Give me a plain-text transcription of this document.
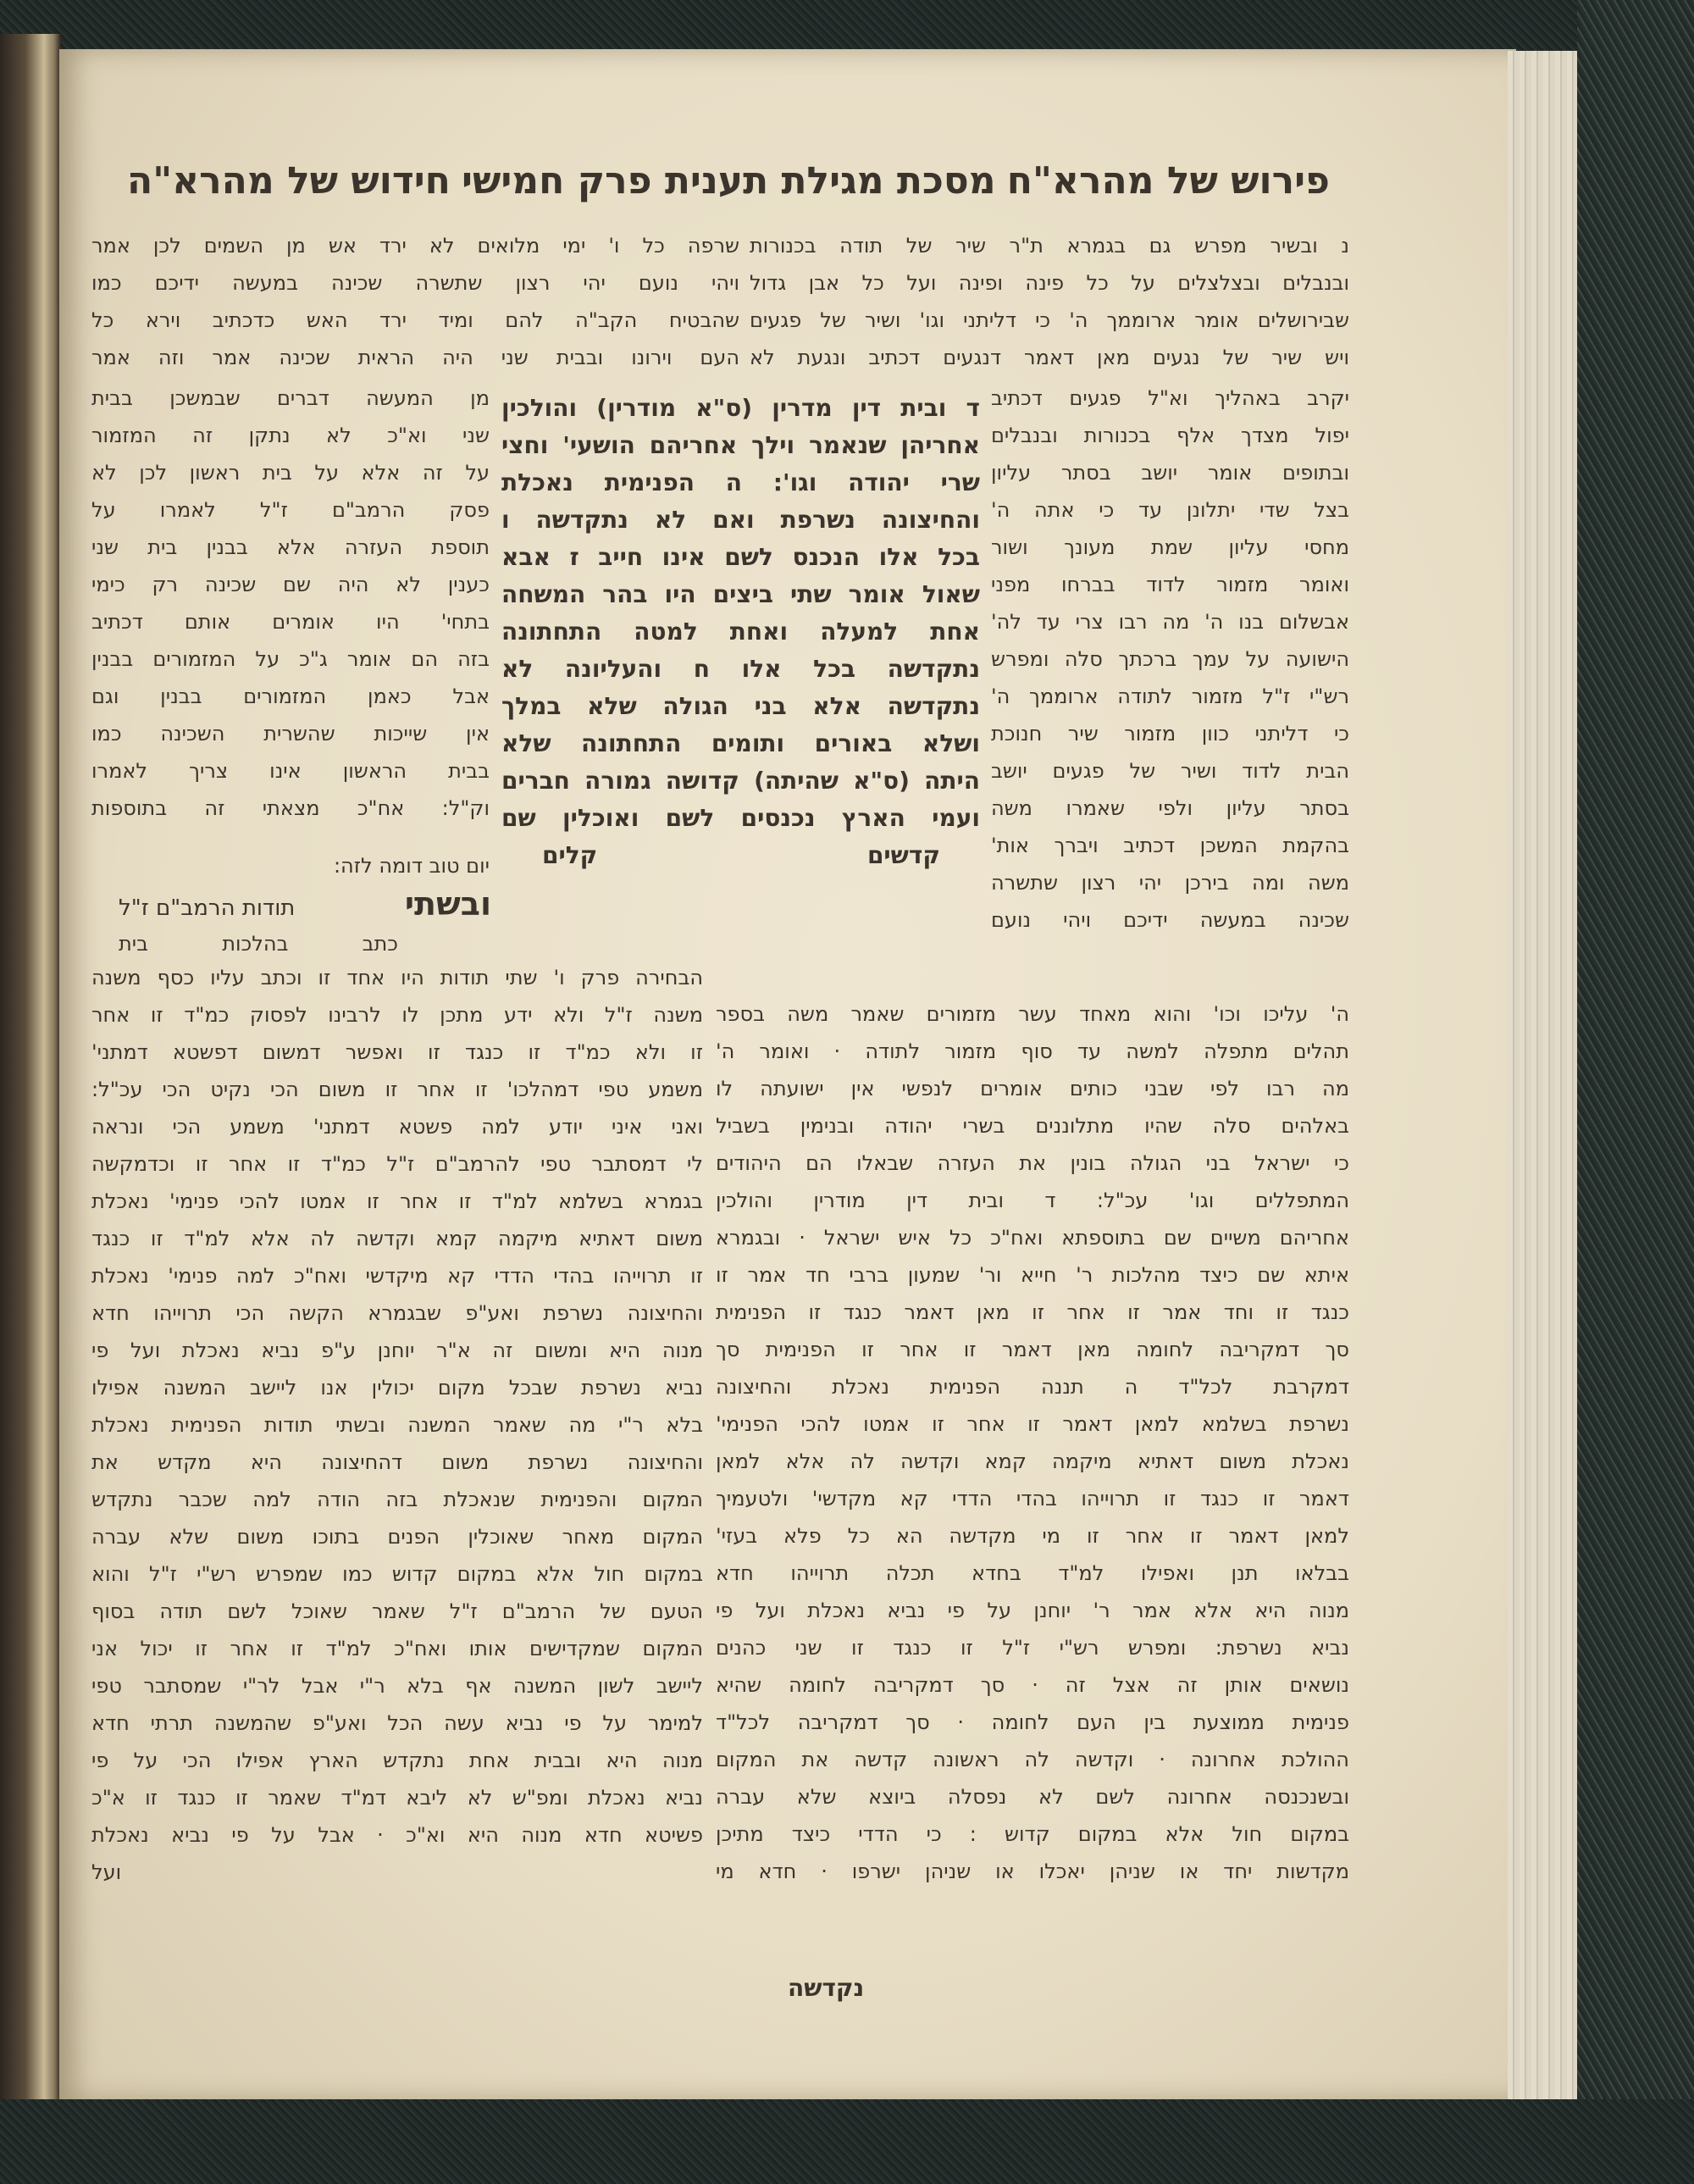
פירוש של מהרא"ח
מסכת מגילת תענית פרק חמישי
חידוש של מהרא"ה
נ ובשיר מפרש גם בגמרא ת"ר שיר של תודה בכנורות
ובנבלים ובצלצלים על כל פינה ופינה ועל כל אבן גדול
שבירושלים אומר ארוממך ה' כי דליתני וגו' ושיר של פגעים
ויש שיר של נגעים מאן דאמר דנגעים דכתיב ונגעת לא
שרפה כל ו' ימי מלואים לא ירד אש מן השמים לכן אמר
ויהי נועם יהי רצון שתשרה שכינה במעשה ידיכם כמו
שהבטיח הקב"ה להם ומיד ירד האש כדכתיב וירא כל
העם וירונו ובבית שני היה הראית שכינה אמר וזה אמר
יקרב באהליך וא"ל פגעים דכתיב
יפול מצדך אלף בכנורות ובנבלים
ובתופים אומר יושב בסתר עליון
בצל שדי יתלונן עד כי אתה ה'
מחסי עליון שמת מעונך ושור
ואומר מזמור לדוד בברחו מפני
אבשלום בנו ה' מה רבו צרי עד לה'
הישועה על עמך ברכתך סלה ומפרש
רש"י ז"ל מזמור לתודה ארוממך ה'
כי דליתני כוון מזמור שיר חנוכת
הבית לדוד ושיר של פגעים יושב
בסתר עליון ולפי שאמרו משה
בהקמת המשכן דכתיב ויברך אות'
משה ומה בירכן יהי רצון שתשרה
שכינה במעשה ידיכם ויהי נועם
ד ובית דין מדרין (ס"א מודרין) והולכין
אחריהן שנאמר וילך אחריהם הושעי' וחצי
שרי יהודה וגו': ה הפנימית נאכלת
והחיצונה נשרפת ואם לא נתקדשה ו
בכל אלו הנכנס לשם אינו חייב ז אבא
שאול אומר שתי ביצים היו בהר המשחה
אחת למעלה ואחת למטה התחתונה
נתקדשה בכל אלו ח והעליונה לא
נתקדשה אלא בני הגולה שלא במלך
ושלא באורים ותומים התחתונה שלא
היתה (ס"א שהיתה) קדושה גמורה חברים
ועמי הארץ נכנסים לשם ואוכלין שם
קדשים
קלים
מן המעשה דברים שבמשכן בבית
שני וא"כ לא נתקן זה המזמור
על זה אלא על בית ראשון לכן לא
פסק הרמב"ם ז"ל לאמרו על
תוספת העזרה אלא בבנין בית שני
כענין לא היה שם שכינה רק כימי
בתחי' היו אומרים אותם דכתיב
בזה הם אומר ג"כ על המזמורים בבנין
אבל כאמן המזמורים בבנין וגם
אין שייכות שהשרית השכינה כמו
בבית הראשון אינו צריך לאמרו
וק"ל: אח"כ מצאתי זה בתוספות
יום טוב דומה לזה:
ובשתי
תודות הרמב"ם ז"ל
כתב בהלכות בית
ה' עליכו וכו' והוא מאחד עשר מזמורים שאמר משה בספר
תהלים מתפלה למשה עד סוף מזמור לתודה · ואומר ה'
מה רבו לפי שבני כותים אומרים לנפשי אין ישועתה לו
באלהים סלה שהיו מתלוננים בשרי יהודה ובנימין בשביל
כי ישראל בני הגולה בונין את העזרה שבאלו הם היהודים
המתפללים וגו' עכ"ל: ד ובית דין מודרין והולכין
אחריהם משיים שם בתוספתא ואח"כ כל איש ישראל · ובגמרא
איתא שם כיצד מהלכות ר' חייא ור' שמעון ברבי חד אמר זו
כנגד זו וחד אמר זו אחר זו מאן דאמר כנגד זו הפנימית
סך דמקריבה לחומה מאן דאמר זו אחר זו הפנימית סך
דמקרבת לכל"ד ה תננה הפנימית נאכלת והחיצונה
נשרפת בשלמא למאן דאמר זו אחר זו אמטו להכי הפנימי'
נאכלת משום דאתיא מיקמה קמא וקדשה לה אלא למאן
דאמר זו כנגד זו תרוייהו בהדי הדדי קא מקדשי' ולטעמיך
למאן דאמר זו אחר זו מי מקדשה הא כל פלא בעזי'
בבלאו תנן ואפילו למ"ד בחדא תכלה תרוייהו חדא
מנוה היא אלא אמר ר' יוחנן על פי נביא נאכלת ועל פי
נביא נשרפת: ומפרש רש"י ז"ל זו כנגד זו שני כהנים
נושאים אותן זה אצל זה · סך דמקריבה לחומה שהיא
פנימית ממוצעת בין העם לחומה · סך דמקריבה לכל"ד
ההולכת אחרונה · וקדשה לה ראשונה קדשה את המקום
ובשנכנסה אחרונה לשם לא נפסלה ביוצא שלא עברה
במקום חול אלא במקום קדוש : כי הדדי כיצד מתיכן
מקדשות יחד או שניהן יאכלו או שניהן ישרפו · חדא מי
הבחירה פרק ו' שתי תודות היו אחד זו וכתב עליו כסף משנה
משנה ז"ל ולא ידע מתכן לו לרבינו לפסוק כמ"ד זו אחר
זו ולא כמ"ד זו כנגד זו ואפשר דמשום דפשטא דמתני'
משמע טפי דמהלכו' זו אחר זו משום הכי נקיט הכי עכ"ל:
ואני איני יודע למה פשטא דמתני' משמע הכי ונראה
לי דמסתבר טפי להרמב"ם ז"ל כמ"ד זו אחר זו וכדמקשה
בגמרא בשלמא למ"ד זו אחר זו אמטו להכי פנימי' נאכלת
משום דאתיא מיקמה קמא וקדשה לה אלא למ"ד זו כנגד
זו תרוייהו בהדי הדדי קא מיקדשי ואח"כ למה פנימי' נאכלת
והחיצונה נשרפת ואע"פ שבגמרא הקשה הכי תרוייהו חדא
מנוה היא ומשום זה א"ר יוחנן ע"פ נביא נאכלת ועל פי
נביא נשרפת שבכל מקום יכולין אנו ליישב המשנה אפילו
בלא ר"י מה שאמר המשנה ובשתי תודות הפנימית נאכלת
והחיצונה נשרפת משום דהחיצונה היא מקדש את
המקום והפנימית שנאכלת בזה הודה למה שכבר נתקדש
המקום מאחר שאוכלין הפנים בתוכו משום שלא עברה
במקום חול אלא במקום קדוש כמו שמפרש רש"י ז"ל והוא
הטעם של הרמב"ם ז"ל שאמר שאוכל לשם תודה בסוף
המקום שמקדישים אותו ואח"כ למ"ד זו אחר זו יכול אני
ליישב לשון המשנה אף בלא ר"י אבל לר"י שמסתבר טפי
למימר על פי נביא עשה הכל ואע"פ שהמשנה תרתי חדא
מנוה היא ובבית אחת נתקדש הארץ אפילו הכי על פי
נביא נאכלת ומפ"ש לא ליבא דמ"ד שאמר זו כנגד זו א"כ
פשיטא חדא מנוה היא וא"כ · אבל על פי נביא נאכלת
ועל
נקדשה
